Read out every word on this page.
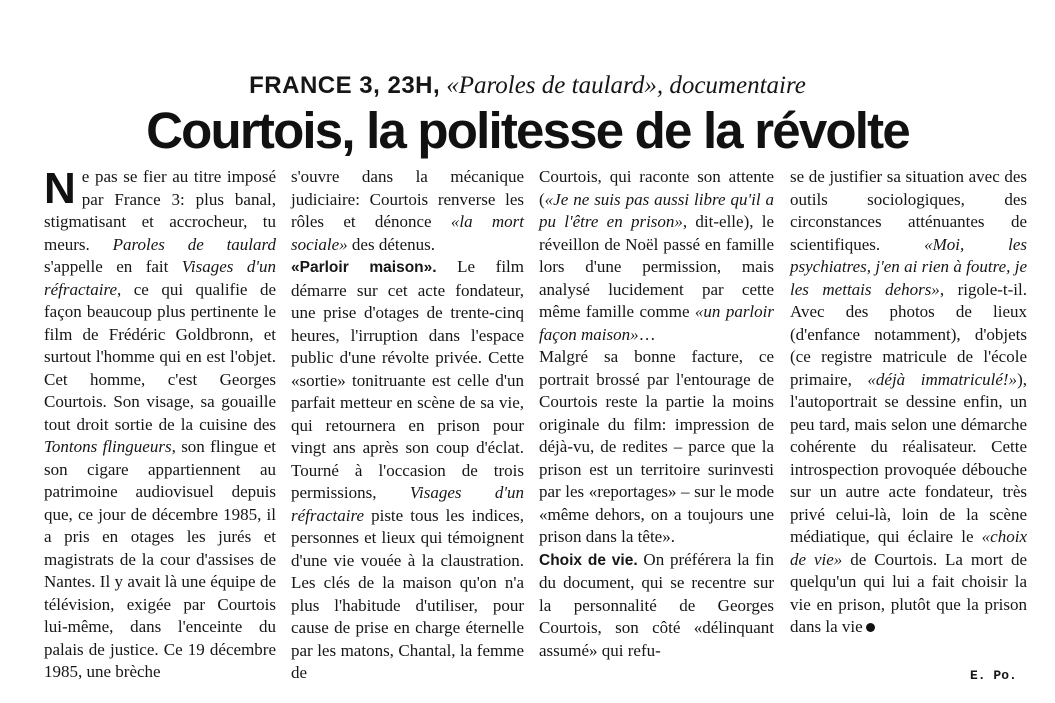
FRANCE 3, 23H, «Paroles de taulard», documentaire
Courtois, la politesse de la révolte

Ne pas se fier au titre imposé par France 3: plus banal, stigmatisant et accrocheur, tu meurs. Paroles de taulard s'appelle en fait Visages d'un réfractaire, ce qui qualifie de façon beaucoup plus pertinente le film de Frédéric Goldbronn, et surtout l'homme qui en est l'objet. Cet homme, c'est Georges Courtois. Son visage, sa gouaille tout droit sortie de la cuisine des Tontons flingueurs, son flingue et son cigare appartiennent au patrimoine audiovisuel depuis que, ce jour de décembre 1985, il a pris en otages les jurés et magistrats de la cour d'assises de Nantes. Il y avait là une équipe de télévision, exigée par Courtois lui-même, dans l'enceinte du palais de justice. Ce 19 décembre 1985, une brèche

s'ouvre dans la mécanique judiciaire: Courtois renverse les rôles et dénonce «la mort sociale» des détenus.

«Parloir maison». Le film démarre sur cet acte fondateur, une prise d'otages de trente-cinq heures, l'irruption dans l'espace public d'une révolte privée. Cette «sortie» tonitruante est celle d'un parfait metteur en scène de sa vie, qui retournera en prison pour vingt ans après son coup d'éclat. Tourné à l'occasion de trois permissions, Visages d'un réfractaire piste tous les indices, personnes et lieux qui témoignent d'une vie vouée à la claustration. Les clés de la maison qu'on n'a plus l'habitude d'utiliser, pour cause de prise en charge éternelle par les matons, Chantal, la femme de

Courtois, qui raconte son attente («Je ne suis pas aussi libre qu'il a pu l'être en prison», dit-elle), le réveillon de Noël passé en famille lors d'une permission, mais analysé lucidement par cette même famille comme «un parloir façon maison»…

Malgré sa bonne facture, ce portrait brossé par l'entourage de Courtois reste la partie la moins originale du film: impression de déjà-vu, de redites – parce que la prison est un territoire surinvesti par les «reportages» – sur le mode «même dehors, on a toujours une prison dans la tête».

Choix de vie. On préférera la fin du document, qui se recentre sur la personnalité de Georges Courtois, son côté «délinquant assumé» qui refu-

se de justifier sa situation avec des outils sociologiques, des circonstances atténuantes de scientifiques. «Moi, les psychiatres, j'en ai rien à foutre, je les mettais dehors», rigole-t-il. Avec des photos de lieux (d'enfance notamment), d'objets (ce registre matricule de l'école primaire, «déjà immatriculé!»), l'autoportrait se dessine enfin, un peu tard, mais selon une démarche cohérente du réalisateur. Cette introspection provoquée débouche sur un autre acte fondateur, très privé celui-là, loin de la scène médiatique, qui éclaire le «choix de vie» de Courtois. La mort de quelqu'un qui lui a fait choisir la vie en prison, plutôt que la prison dans la vie

E. Po.
